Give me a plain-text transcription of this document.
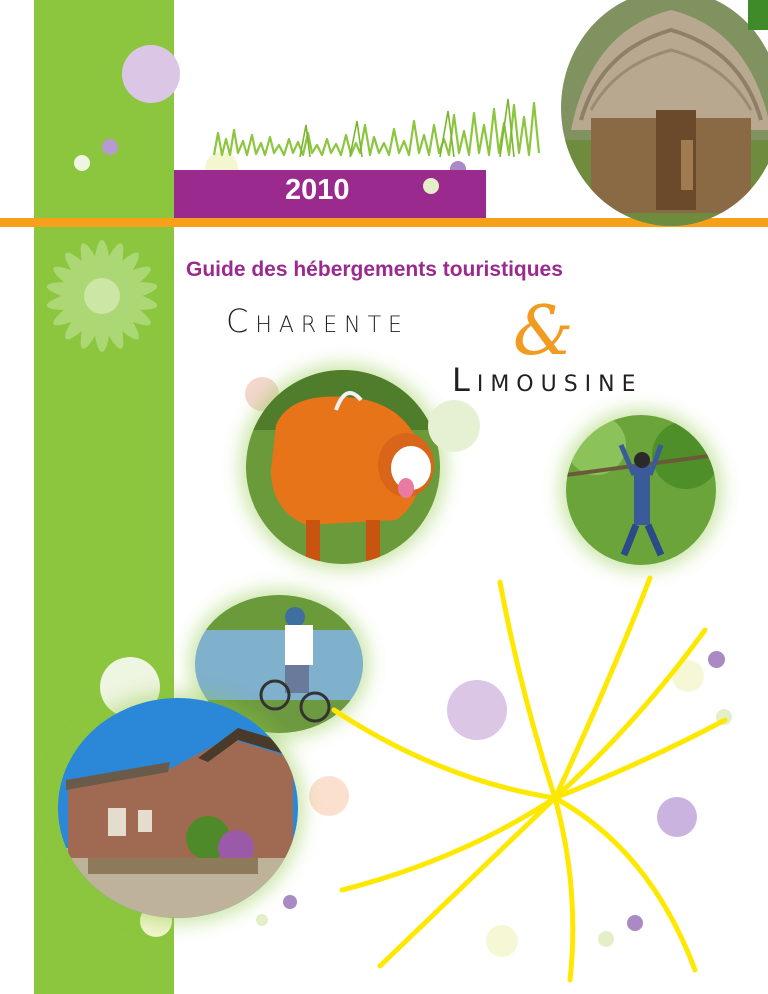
2010
Guide des hébergements touristiques
Charente &
Limousine
